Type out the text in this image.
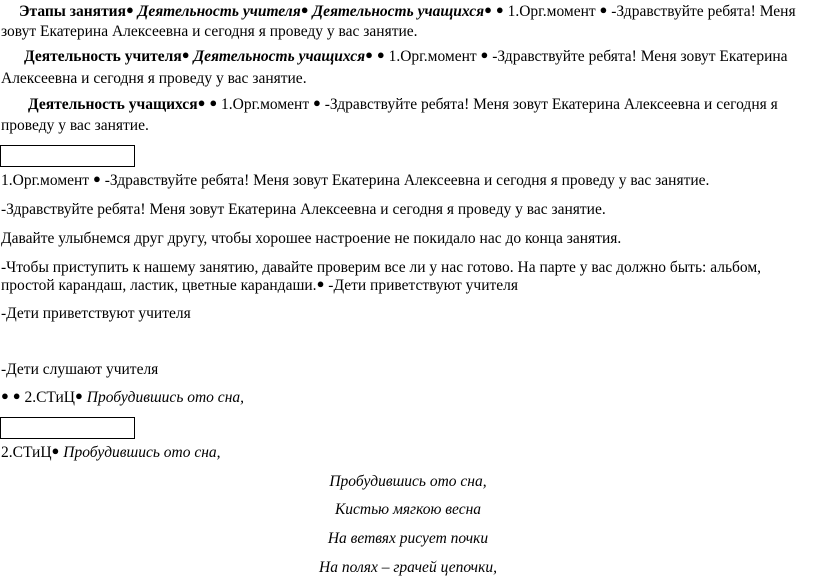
Этапы занятия● Деятельность учителя● Деятельность учащихся● ● 1.Орг.момент ● -Здравствуйте ребята! Меня
зовут Екатерина Алексеевна и сегодня я проведу у вас занятие.
Деятельность учителя● Деятельность учащихся● ● 1.Орг.момент ● -Здравствуйте ребята! Меня зовут Екатерина
Алексеевна и сегодня я проведу у вас занятие.
Деятельность учащихся● ● 1.Орг.момент ● -Здравствуйте ребята! Меня зовут Екатерина Алексеевна и сегодня я
проведу у вас занятие.
1.Орг.момент ● -Здравствуйте ребята! Меня зовут Екатерина Алексеевна и сегодня я проведу у вас занятие.
-Здравствуйте ребята! Меня зовут Екатерина Алексеевна и сегодня я проведу у вас занятие.
Давайте улыбнемся друг другу, чтобы хорошее настроение не покидало нас до конца занятия.
-Чтобы приступить к нашему занятию, давайте проверим все ли у нас готово. На парте у вас должно быть: альбом,
простой карандаш, ластик, цветные карандаши.● -Дети приветствуют учителя
-Дети приветствуют учителя
-Дети слушают учителя
● ● 2.СТиЦ● Пробудившись ото сна,
2.СТиЦ● Пробудившись ото сна,
Пробудившись ото сна,
Кистью мягкою весна
На ветвях рисует почки
На полях – грачей цепочки,
